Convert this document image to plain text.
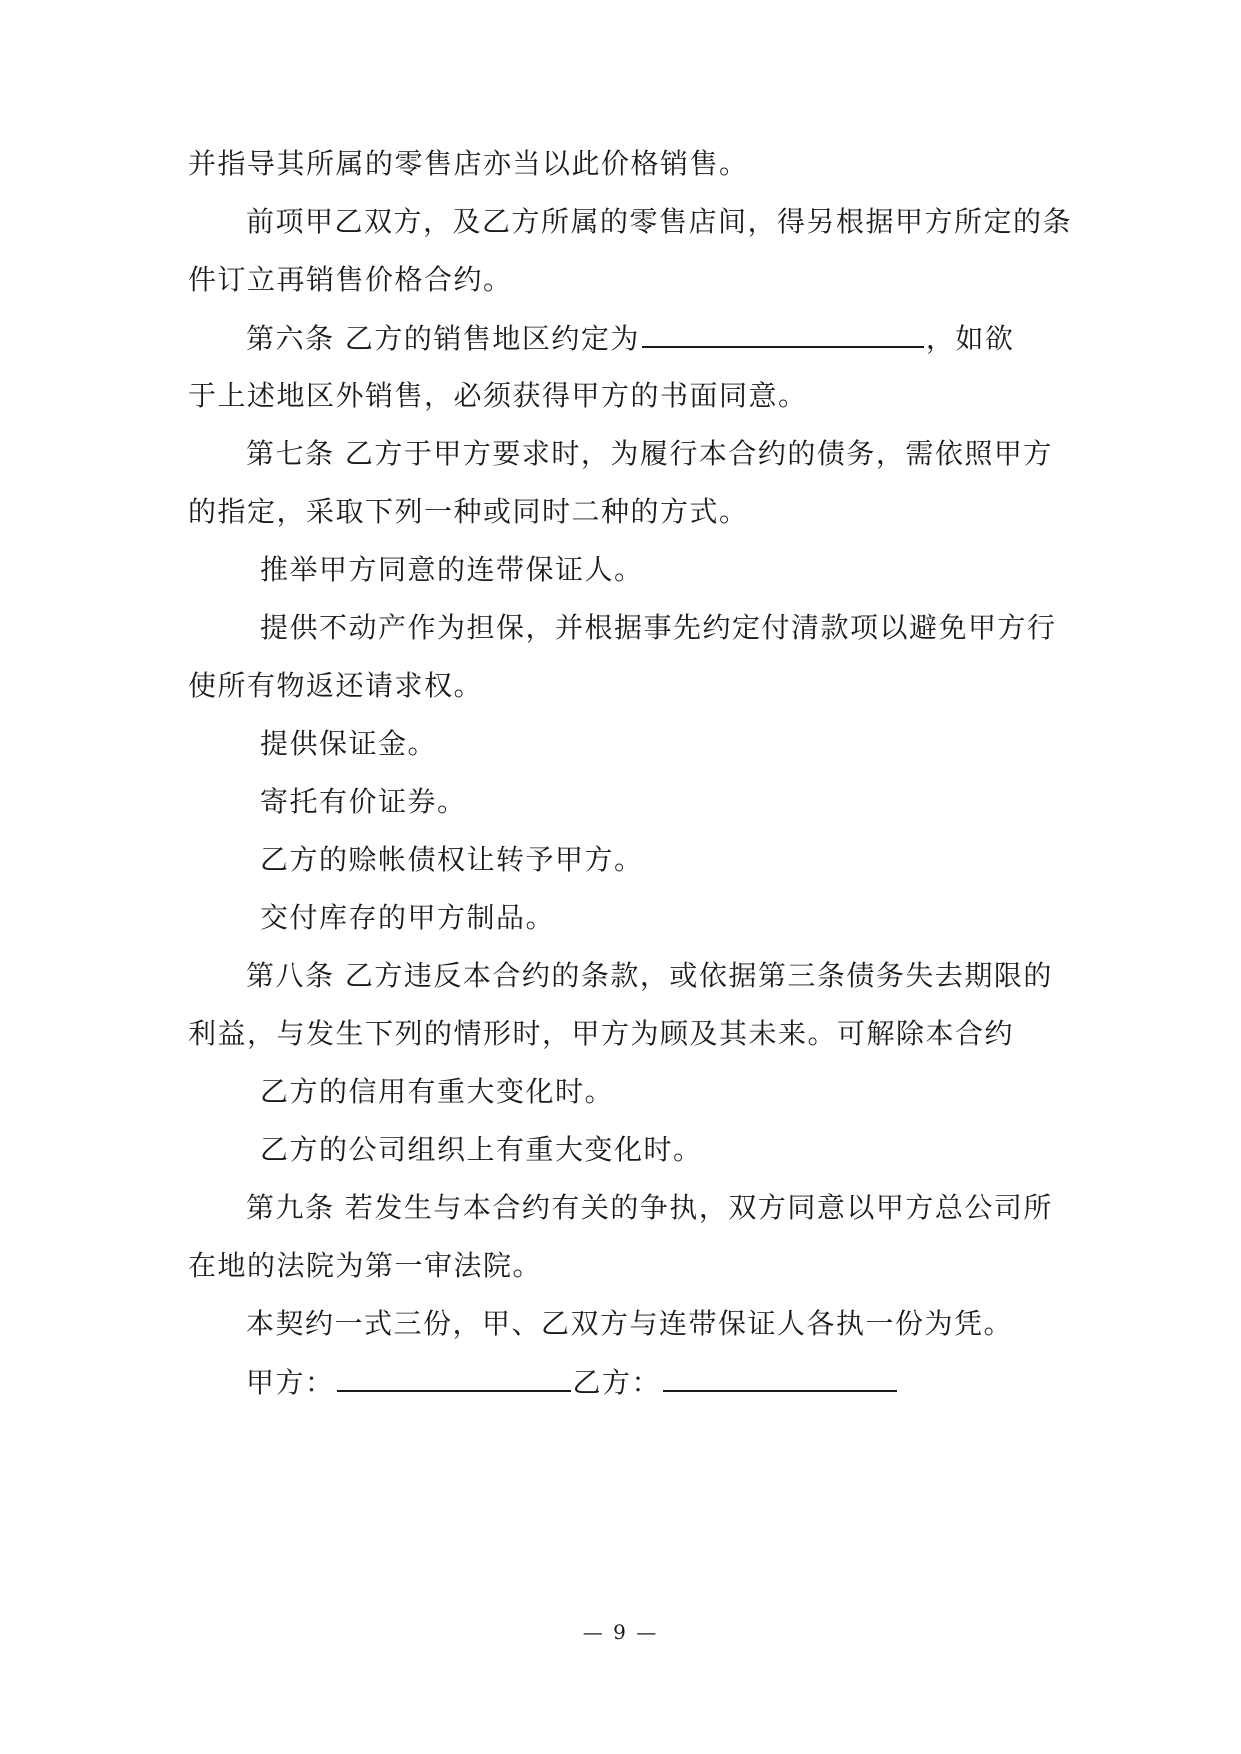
并指导其所属的零售店亦当以此价格销售。
前项甲乙双方，及乙方所属的零售店间，得另根据甲方所定的条
件订立再销售价格合约。
第六条 乙方的销售地区约定为	，如欲
于上述地区外销售，必须获得甲方的书面同意。
第七条 乙方于甲方要求时，为履行本合约的债务，需依照甲方
的指定，采取下列一种或同时二种的方式。
推举甲方同意的连带保证人。
提供不动产作为担保，并根据事先约定付清款项以避免甲方行
使所有物返还请求权。
提供保证金。
寄托有价证券。
乙方的赊帐债权让转予甲方。
交付库存的甲方制品。
第八条 乙方违反本合约的条款，或依据第三条债务失去期限的
利益，与发生下列的情形时，甲方为顾及其未来。可解除本合约
乙方的信用有重大变化时。
乙方的公司组织上有重大变化时。
第九条 若发生与本合约有关的争执，双方同意以甲方总公司所
在地的法院为第一审法院。
本契约一式三份，甲、乙双方与连带保证人各执一份为凭。
甲方：	乙方：
— 9 —
